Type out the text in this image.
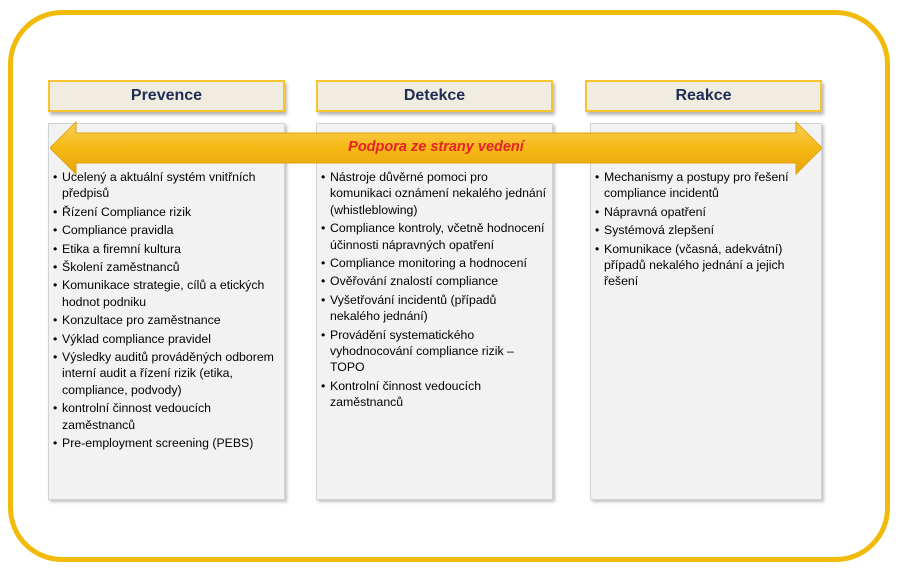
Prevence	Detekce	Reakce
• Ucelený a aktuální systém vnitřních předpisů
• Řízení Compliance rizik
• Compliance pravidla
• Etika a firemní kultura
• Školení zaměstnanců
• Komunikace strategie, cílů a etických hodnot podniku
• Konzultace pro zaměstnance
• Výklad compliance pravidel
• Výsledky auditů prováděných odborem interní audit a řízení rizik (etika, compliance, podvody)
• kontrolní činnost vedoucích zaměstnanců
• Pre-employment screening (PEBS)
• Nástroje důvěrné pomoci pro komunikaci oznámení nekalého jednání (whistleblowing)
• Compliance kontroly, včetně hodnocení účinnosti nápravných opatření
• Compliance monitoring a hodnocení
• Ověřování znalostí compliance
• Vyšetřování incidentů (případů nekalého jednání)
• Provádění systematického vyhodnocování compliance rizik – TOPO
• Kontrolní činnost vedoucích zaměstnanců
• Mechanismy a postupy pro řešení compliance incidentů
• Nápravná opatření
• Systémová zlepšení
• Komunikace (včasná, adekvátní) případů nekalého jednání a jejich řešení
Podpora ze strany vedení
